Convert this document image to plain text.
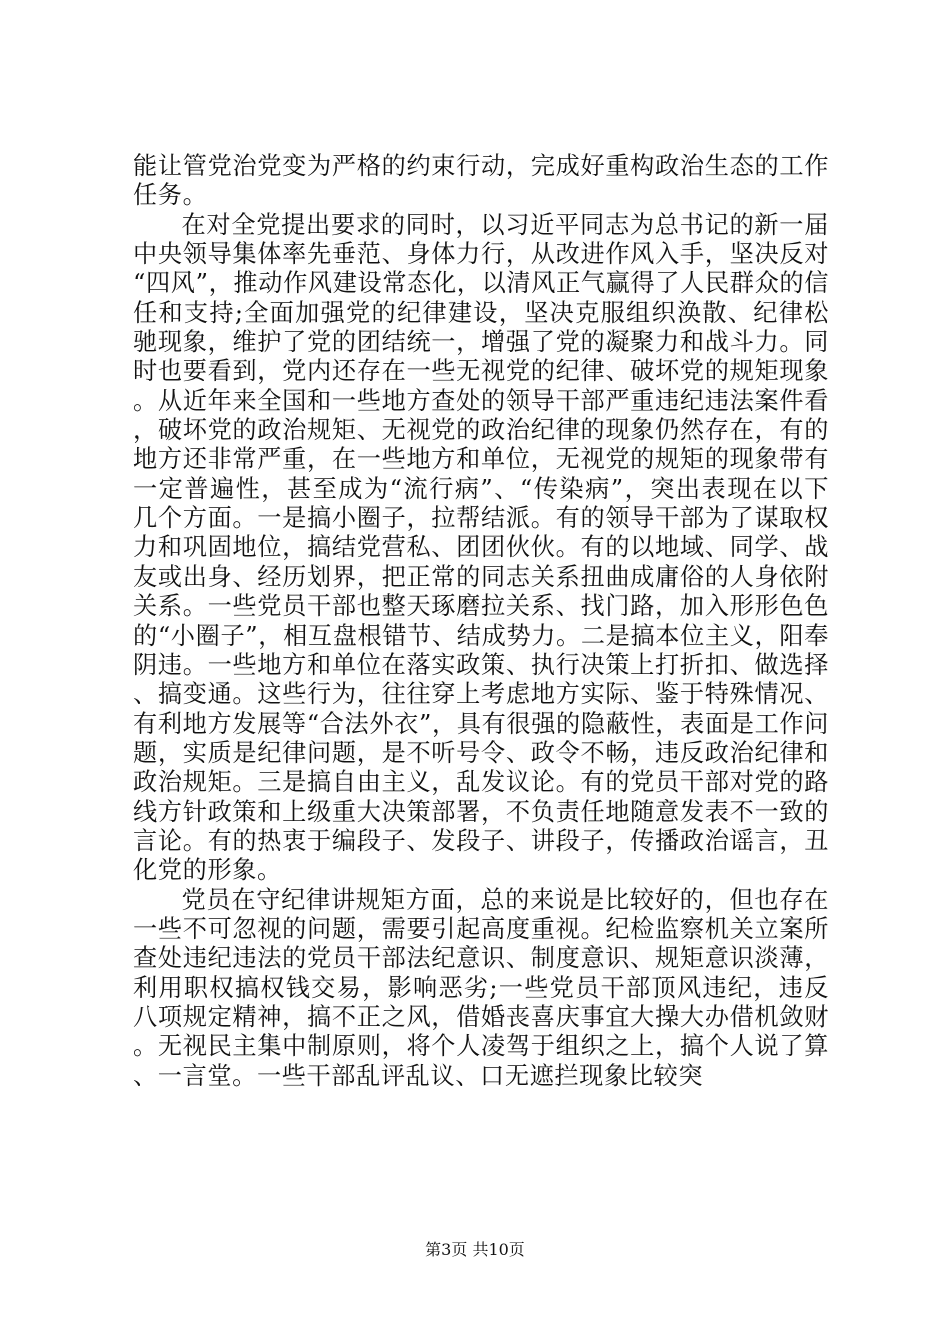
能让管党治党变为严格的约束行动，完成好重构政治生态的工作任务。

在对全党提出要求的同时，以习近平同志为总书记的新一届中央领导集体率先垂范、身体力行，从改进作风入手，坚决反对“四风”，推动作风建设常态化，以清风正气赢得了人民群众的信任和支持;全面加强党的纪律建设，坚决克服组织涣散、纪律松驰现象，维护了党的团结统一，增强了党的凝聚力和战斗力。同时也要看到，党内还存在一些无视党的纪律、破坏党的规矩现象。从近年来全国和一些地方查处的领导干部严重违纪违法案件看，破坏党的政治规矩、无视党的政治纪律的现象仍然存在，有的地方还非常严重，在一些地方和单位，无视党的规矩的现象带有一定普遍性，甚至成为“流行病”、“传染病”，突出表现在以下几个方面。一是搞小圈子，拉帮结派。有的领导干部为了谋取权力和巩固地位，搞结党营私、团团伙伙。有的以地域、同学、战友或出身、经历划界，把正常的同志关系扭曲成庸俗的人身依附关系。一些党员干部也整天琢磨拉关系、找门路，加入形形色色的“小圈子”，相互盘根错节、结成势力。二是搞本位主义，阳奉阴违。一些地方和单位在落实政策、执行决策上打折扣、做选择、搞变通。这些行为，往往穿上考虑地方实际、鉴于特殊情况、有利地方发展等“合法外衣”，具有很强的隐蔽性，表面是工作问题，实质是纪律问题，是不听号令、政令不畅，违反政治纪律和政治规矩。三是搞自由主义，乱发议论。有的党员干部对党的路线方针政策和上级重大决策部署，不负责任地随意发表不一致的言论。有的热衷于编段子、发段子、讲段子，传播政治谣言，丑化党的形象。

党员在守纪律讲规矩方面，总的来说是比较好的，但也存在一些不可忽视的问题，需要引起高度重视。纪检监察机关立案所查处违纪违法的党员干部法纪意识、制度意识、规矩意识淡薄，利用职权搞权钱交易，影响恶劣;一些党员干部顶风违纪，违反八项规定精神，搞不正之风，借婚丧喜庆事宜大操大办借机敛财。无视民主集中制原则，将个人凌驾于组织之上，搞个人说了算、一言堂。一些干部乱评乱议、口无遮拦现象比较突

第3页 共10页
